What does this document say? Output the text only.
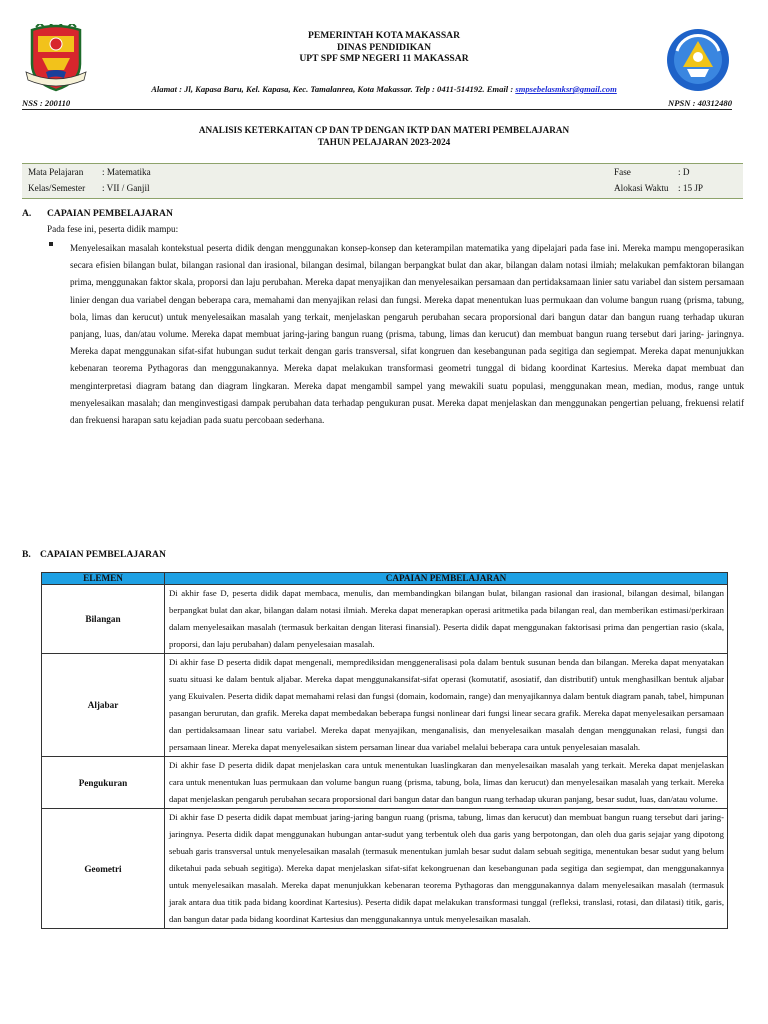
PEMERINTAH KOTA MAKASSAR
DINAS PENDIDIKAN
UPT SPF SMP NEGERI 11 MAKASSAR
Alamat : Jl, Kapasa Baru, Kel. Kapasa, Kec. Tamalanrea, Kota Makassar. Telp : 0411-514192. Email : smpsebelasmksr@gmail.com
NSS : 200110	NPSN : 40312480
ANALISIS KETERKAITAN CP DAN TP DENGAN IKTP DAN MATERI PEMBELAJARAN
TAHUN PELAJARAN 2023-2024
Mata Pelajaran : Matematika
Kelas/Semester : VII / Ganjil
Fase	: D
Alokasi Waktu : 15 JP
A. CAPAIAN PEMBELAJARAN
Pada fese ini, peserta didik mampu:

Menyelesaikan masalah kontekstual peserta didik dengan menggunakan konsep-konsep dan keterampilan matematika yang dipelajari pada fase ini. Mereka mampu mengoperasikan secara efisien bilangan bulat, bilangan rasional dan irasional, bilangan desimal, bilangan berpangkat bulat dan akar, bilangan dalam notasi ilmiah; melakukan pemfaktoran bilangan prima, menggunakan faktor skala, proporsi dan laju perubahan. Mereka dapat menyajikan dan menyelesaikan persamaan dan pertidaksamaan linier satu variabel dan sistem persamaan linier dengan dua variabel dengan beberapa cara, memahami dan menyajikan relasi dan fungsi. Mereka dapat menentukan luas permukaan dan volume bangun ruang (prisma, tabung, bola, limas dan kerucut) untuk menyelesaikan masalah yang terkait, menjelaskan pengaruh perubahan secara proporsional dari bangun datar dan bangun ruang terhadap ukuran panjang, luas, dan/atau volume. Mereka dapat membuat jaring-jaring bangun ruang (prisma, tabung, limas dan kerucut) dan membuat bangun ruang tersebut dari jaring- jaringnya. Mereka dapat menggunakan sifat-sifat hubungan sudut terkait dengan garis transversal, sifat kongruen dan kesebangunan pada segitiga dan segiempat. Mereka dapat menunjukkan kebenaran teorema Pythagoras dan menggunakannya. Mereka dapat melakukan transformasi geometri tunggal di bidang koordinat Kartesius. Mereka dapat membuat dan menginterpretasi diagram batang dan diagram lingkaran. Mereka dapat mengambil sampel yang mewakili suatu populasi, menggunakan mean, median, modus, range untuk menyelesaikan masalah; dan menginvestigasi dampak perubahan data terhadap pengukuran pusat. Mereka dapat menjelaskan dan menggunakan pengertian peluang, frekuensi relatif dan frekuensi harapan satu kejadian pada suatu percobaan sederhana.

B. CAPAIAN PEMBELAJARAN
ELEMEN	CAPAIAN PEMBELAJARAN
Bilangan	Di akhir fase D, peserta didik dapat membaca, menulis, dan membandingkan bilangan bulat, bilangan rasional dan irasional, bilangan desimal, bilangan berpangkat bulat dan akar, bilangan dalam notasi ilmiah. Mereka dapat menerapkan operasi aritmetika pada bilangan real, dan memberikan estimasi/perkiraan dalam menyelesaikan masalah (termasuk berkaitan dengan literasi finansial). Peserta didik dapat menggunakan faktorisasi prima dan pengertian rasio (skala, proporsi, dan laju perubahan) dalam penyelesaian masalah.
Aljabar	Di akhir fase D peserta didik dapat mengenali, memprediksidan menggeneralisasi pola dalam bentuk susunan benda dan bilangan. Mereka dapat menyatakan suatu situasi ke dalam bentuk aljabar. Mereka dapat menggunakansifat-sifat operasi (komutatif, asosiatif, dan distributif) untuk menghasilkan bentuk aljabar yang Ekuivalen. Peserta didik dapat memahami relasi dan fungsi (domain, kodomain, range) dan menyajikannya dalam bentuk diagram panah, tabel, himpunan pasangan berurutan, dan grafik. Mereka dapat membedakan beberapa fungsi nonlinear dari fungsi linear secara grafik. Mereka dapat menyelesaikan persamaan dan pertidaksamaan linear satu variabel. Mereka dapat menyajikan, menganalisis, dan menyelesaikan masalah dengan menggunakan relasi, fungsi dan persamaan linear. Mereka dapat menyelesaikan sistem persaman linear dua variabel melalui beberapa cara untuk penyelesaian masalah.
Pengukuran	Di akhir fase D peserta didik dapat menjelaskan cara untuk menentukan luaslingkaran dan menyelesaikan masalah yang terkait. Mereka dapat menjelaskan cara untuk menentukan luas permukaan dan volume bangun ruang (prisma, tabung, bola, limas dan kerucut) dan menyelesaikan masalah yang terkait. Mereka dapat menjelaskan pengaruh perubahan secara proporsional dari bangun datar dan bangun ruang terhadap ukuran panjang, besar sudut, luas, dan/atau volume.
Geometri	Di akhir fase D peserta didik dapat membuat jaring-jaring bangun ruang (prisma, tabung, limas dan kerucut) dan membuat bangun ruang tersebut dari jaring-jaringnya. Peserta didik dapat menggunakan hubungan antar-sudut yang terbentuk oleh dua garis yang berpotongan, dan oleh dua garis sejajar yang dipotong sebuah garis transversal untuk menyelesaikan masalah (termasuk menentukan jumlah besar sudut dalam sebuah segitiga, menentukan besar sudut yang belum diketahui pada sebuah segitiga). Mereka dapat menjelaskan sifat-sifat kekongruenan dan kesebangunan pada segitiga dan segiempat, dan menggunakannya untuk menyelesaikan masalah. Mereka dapat menunjukkan kebenaran teorema Pythagoras dan menggunakannya dalam menyelesaikan masalah (termasuk jarak antara dua titik pada bidang koordinat Kartesius). Peserta didik dapat melakukan transformasi tunggal (refleksi, translasi, rotasi, dan dilatasi) titik, garis, dan bangun datar pada bidang koordinat Kartesius dan menggunakannya untuk menyelesaikan masalah.
